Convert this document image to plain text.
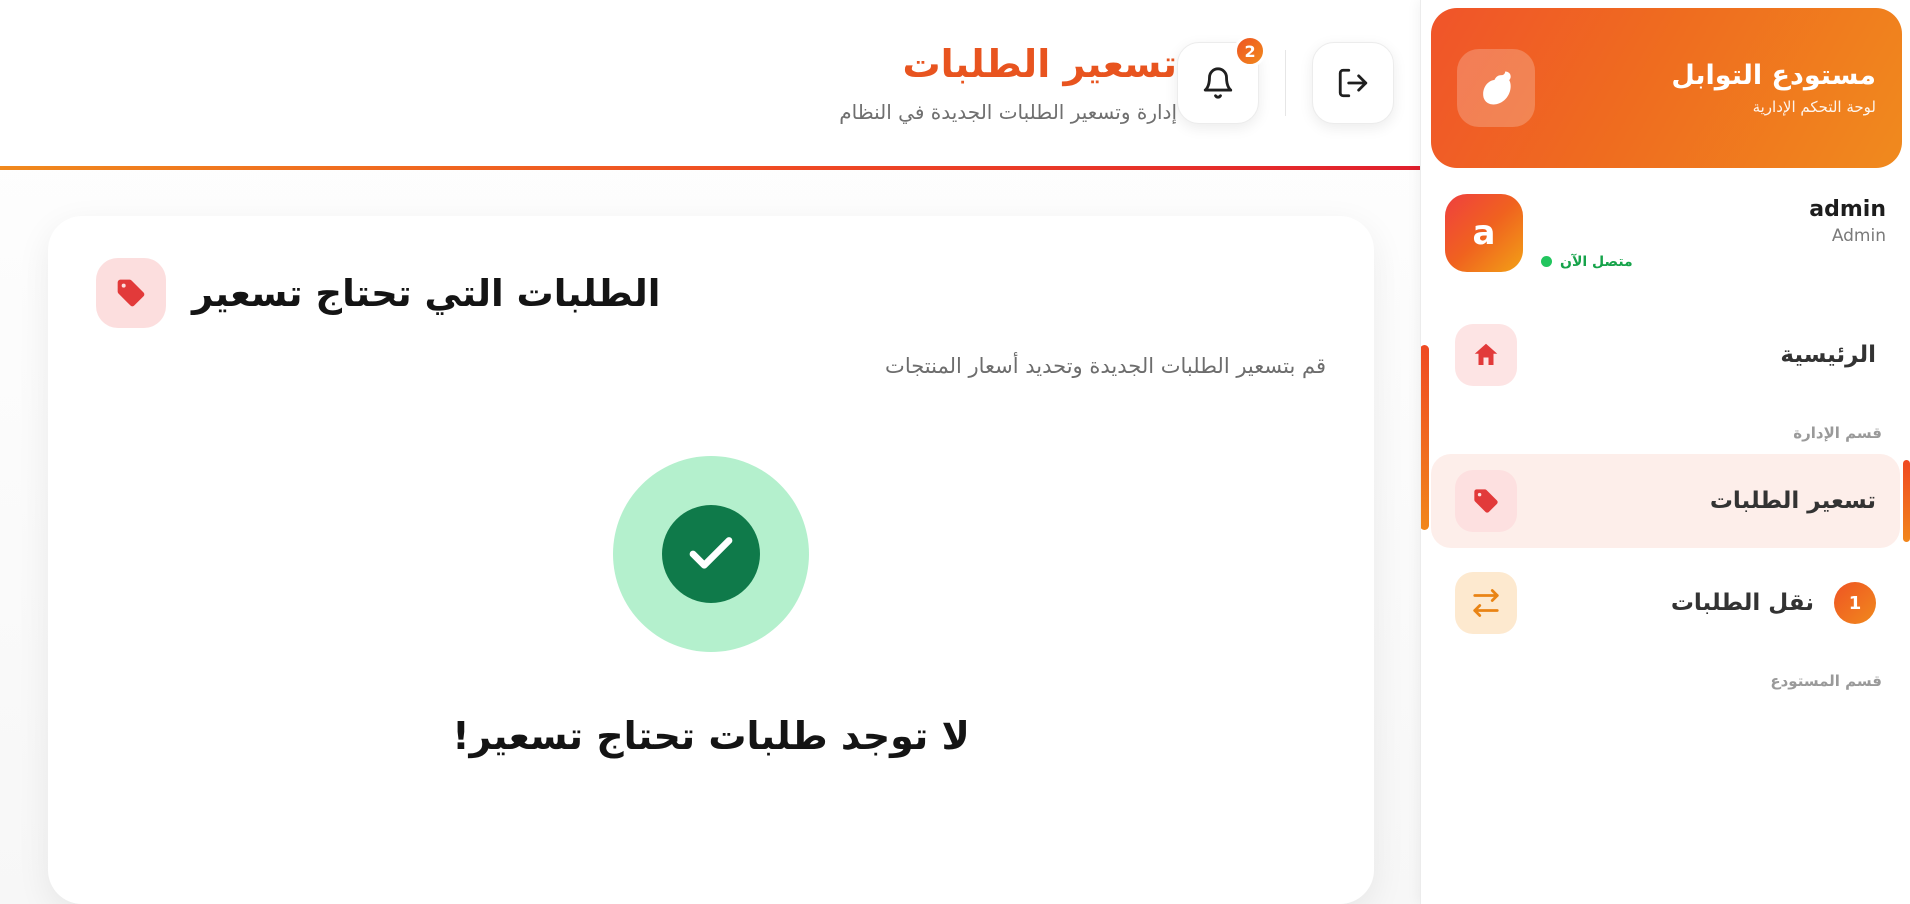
2
تسعير الطلبات
إدارة وتسعير الطلبات الجديدة في النظام
الطلبات التي تحتاج تسعير
قم بتسعير الطلبات الجديدة وتحديد أسعار المنتجات
لا توجد طلبات تحتاج تسعير!
مستودع التوابل
لوحة التحكم الإدارية
admin
Admin
متصل الآن
a
الرئيسية
قسم الإدارة
تسعير الطلبات
1
نقل الطلبات
قسم المستودع
